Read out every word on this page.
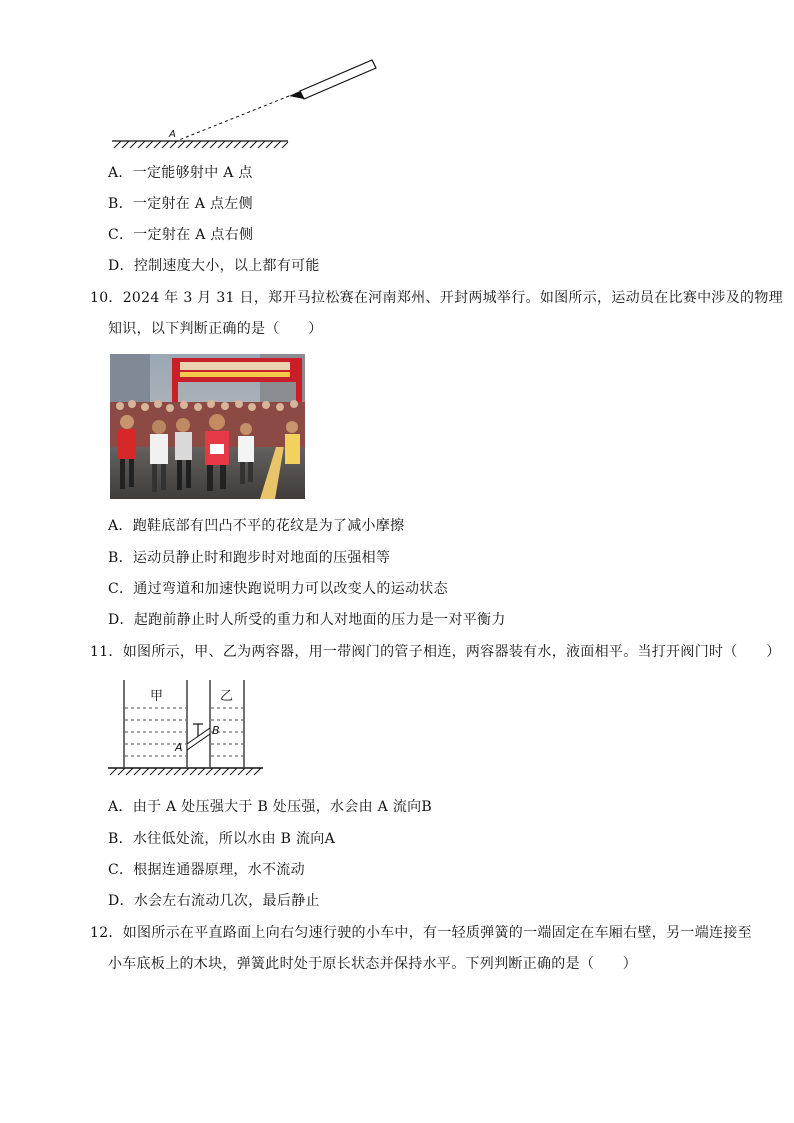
A
A．一定能够射中 A 点
B．一定射在 A 点左侧
C．一定射在 A 点右侧
D．控制速度大小，以上都有可能
10．2024 年 3 月 31 日，郑开马拉松赛在河南郑州、开封两城举行。如图所示，运动员在比赛中涉及的物理
知识，以下判断正确的是（　　）
A．跑鞋底部有凹凸不平的花纹是为了减小摩擦
B．运动员静止时和跑步时对地面的压强相等
C．通过弯道和加速快跑说明力可以改变人的运动状态
D．起跑前静止时人所受的重力和人对地面的压力是一对平衡力
11．如图所示，甲、乙为两容器，用一带阀门的管子相连，两容器装有水，液面相平。当打开阀门时（　　）
甲	乙
A
B
A．由于 A 处压强大于 B 处压强，水会由 A 流向B
B．水往低处流，所以水由 B 流向A
C．根据连通器原理，水不流动
D．水会左右流动几次，最后静止
12．如图所示在平直路面上向右匀速行驶的小车中，有一轻质弹簧的一端固定在车厢右壁，另一端连接至
小车底板上的木块，弹簧此时处于原长状态并保持水平。下列判断正确的是（　　）
